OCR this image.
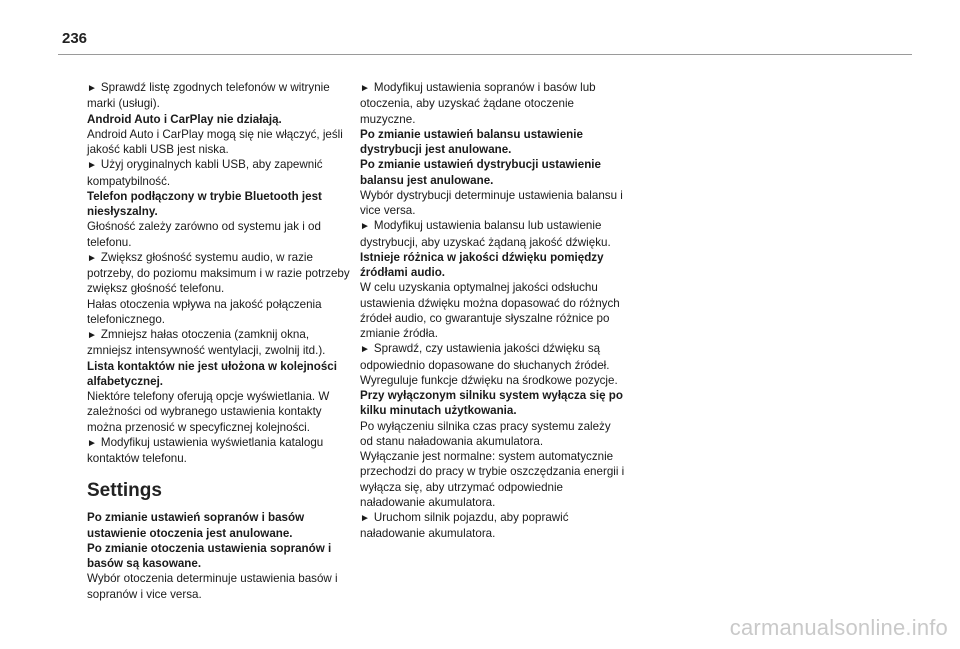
236

► Sprawdź listę zgodnych telefonów w witrynie marki (usługi).

Android Auto i CarPlay nie działają.

Android Auto i CarPlay mogą się nie włączyć, jeśli jakość kabli USB jest niska.

► Użyj oryginalnych kabli USB, aby zapewnić kompatybilność.

Telefon podłączony w trybie Bluetooth jest niesłyszalny.

Głośność zależy zarówno od systemu jak i od telefonu.

► Zwiększ głośność systemu audio, w razie potrzeby, do poziomu maksimum i w razie potrzeby zwiększ głośność telefonu.

Hałas otoczenia wpływa na jakość połączenia telefonicznego.

► Zmniejsz hałas otoczenia (zamknij okna, zmniejsz intensywność wentylacji, zwolnij itd.).

Lista kontaktów nie jest ułożona w kolejności alfabetycznej.

Niektóre telefony oferują opcje wyświetlania. W zależności od wybranego ustawienia kontakty można przenosić w specyficznej kolejności.

► Modyfikuj ustawienia wyświetlania katalogu kontaktów telefonu.

Settings

Po zmianie ustawień sopranów i basów ustawienie otoczenia jest anulowane.

Po zmianie otoczenia ustawienia sopranów i basów są kasowane.

Wybór otoczenia determinuje ustawienia basów i sopranów i vice versa.

► Modyfikuj ustawienia sopranów i basów lub otoczenia, aby uzyskać żądane otoczenie muzyczne.

Po zmianie ustawień balansu ustawienie dystrybucji jest anulowane.

Po zmianie ustawień dystrybucji ustawienie balansu jest anulowane.

Wybór dystrybucji determinuje ustawienia balansu i vice versa.

► Modyfikuj ustawienia balansu lub ustawienie dystrybucji, aby uzyskać żądaną jakość dźwięku.

Istnieje różnica w jakości dźwięku pomiędzy źródłami audio.

W celu uzyskania optymalnej jakości odsłuchu ustawienia dźwięku można dopasować do różnych źródeł audio, co gwarantuje słyszalne różnice po zmianie źródła.

► Sprawdź, czy ustawienia jakości dźwięku są odpowiednio dopasowane do słuchanych źródeł. Wyreguluje funkcje dźwięku na środkowe pozycje.

Przy wyłączonym silniku system wyłącza się po kilku minutach użytkowania.

Po wyłączeniu silnika czas pracy systemu zależy od stanu naładowania akumulatora.

Wyłączanie jest normalne: system automatycznie przechodzi do pracy w trybie oszczędzania energii i wyłącza się, aby utrzymać odpowiednie naładowanie akumulatora.

► Uruchom silnik pojazdu, aby poprawić naładowanie akumulatora.

carmanualsonline.info
